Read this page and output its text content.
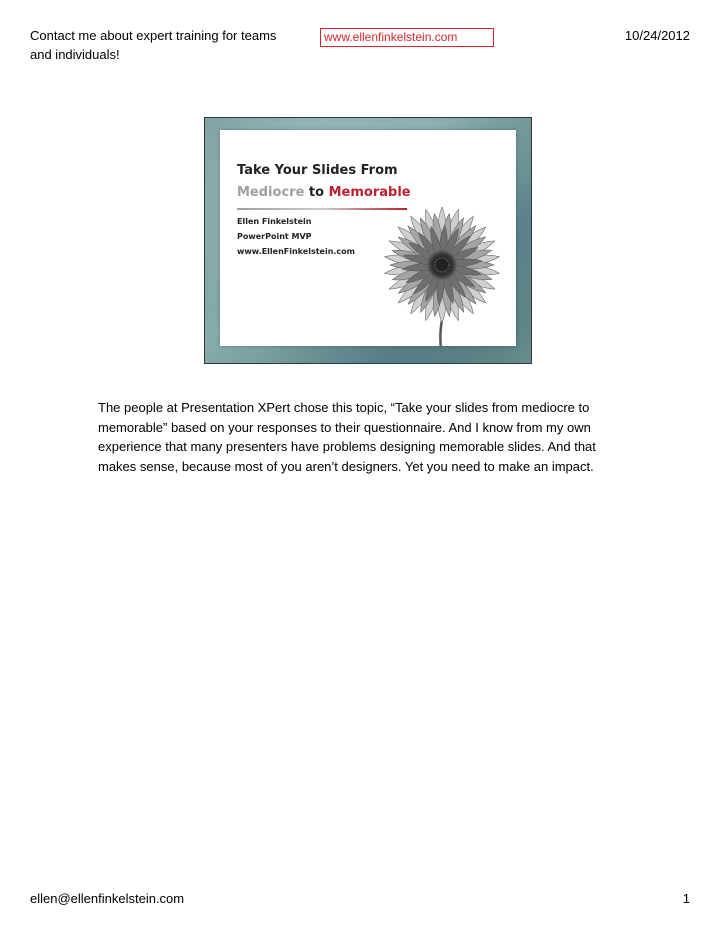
Contact me about expert training for teams and individuals!
www.ellenfinkelstein.com	10/24/2012
Take Your Slides From
Mediocre to Memorable
Ellen Finkelstein
PowerPoint MVP
www.EllenFinkelstein.com
The people at Presentation XPert chose this topic, “Take your slides from mediocre to memorable” based on your responses to their questionnaire. And I know from my own experience that many presenters have problems designing memorable slides. And that makes sense, because most of you aren’t designers. Yet you need to make an impact.
ellen@ellenfinkelstein.com	1
